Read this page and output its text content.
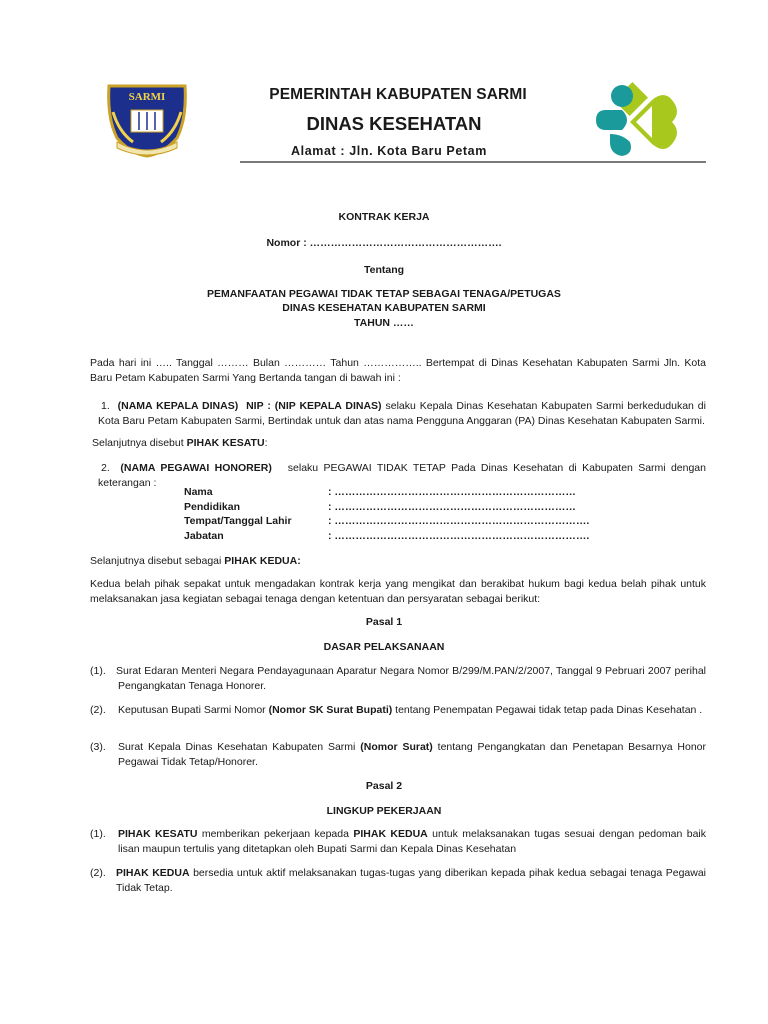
SARMI	PEMERINTAH KABUPATEN SARMI
DINAS KESEHATAN
Alamat : Jln. Kota Baru Petam
KONTRAK KERJA
Nomor : ……………………………………………….
Tentang
PEMANFAATAN PEGAWAI TIDAK TETAP SEBAGAI TENAGA/PETUGAS
DINAS KESEHATAN KABUPATEN SARMI
TAHUN ……
Pada hari ini ….. Tanggal ……… Bulan ………… Tahun …………….. Bertempat di Dinas Kesehatan Kabupaten Sarmi Jln. Kota Baru Petam Kabupaten Sarmi Yang Bertanda tangan di bawah ini :
1. (NAMA KEPALA DINAS) NIP : (NIP KEPALA DINAS) selaku Kepala Dinas Kesehatan Kabupaten Sarmi berkedudukan di Kota Baru Petam Kabupaten Sarmi, Bertindak untuk dan atas nama Pengguna Anggaran (PA) Dinas Kesehatan Kabupaten Sarmi.
Selanjutnya disebut PIHAK KESATU:
2. (NAMA PEGAWAI HONORER) selaku PEGAWAI TIDAK TETAP Pada Dinas Kesehatan di Kabupaten Sarmi dengan keterangan :
Nama	: ……………………………………………………………
Pendidikan	: ……………………………………………………………
Tempat/Tanggal Lahir	: ……………………………………………………………….
Jabatan	: ……………………………………………………………….
Selanjutnya disebut sebagai PIHAK KEDUA:
Kedua belah pihak sepakat untuk mengadakan kontrak kerja yang mengikat dan berakibat hukum bagi kedua belah pihak untuk melaksanakan jasa kegiatan sebagai tenaga dengan ketentuan dan persyaratan sebagai berikut:
Pasal 1
DASAR PELAKSANAAN
(1). Surat Edaran Menteri Negara Pendayagunaan Aparatur Negara Nomor B/299/M.PAN/2/2007, Tanggal 9 Pebruari 2007 perihal Pengangkatan Tenaga Honorer.
(2). Keputusan Bupati Sarmi Nomor (Nomor SK Surat Bupati) tentang Penempatan Pegawai tidak tetap pada Dinas Kesehatan .
(3). Surat Kepala Dinas Kesehatan Kabupaten Sarmi (Nomor Surat) tentang Pengangkatan dan Penetapan Besarnya Honor Pegawai Tidak Tetap/Honorer.
Pasal 2
LINGKUP PEKERJAAN
(1). PIHAK KESATU memberikan pekerjaan kepada PIHAK KEDUA untuk melaksanakan tugas sesuai dengan pedoman baik lisan maupun tertulis yang ditetapkan oleh Bupati Sarmi dan Kepala Dinas Kesehatan
(2). PIHAK KEDUA bersedia untuk aktif melaksanakan tugas-tugas yang diberikan kepada pihak kedua sebagai tenaga Pegawai Tidak Tetap.
